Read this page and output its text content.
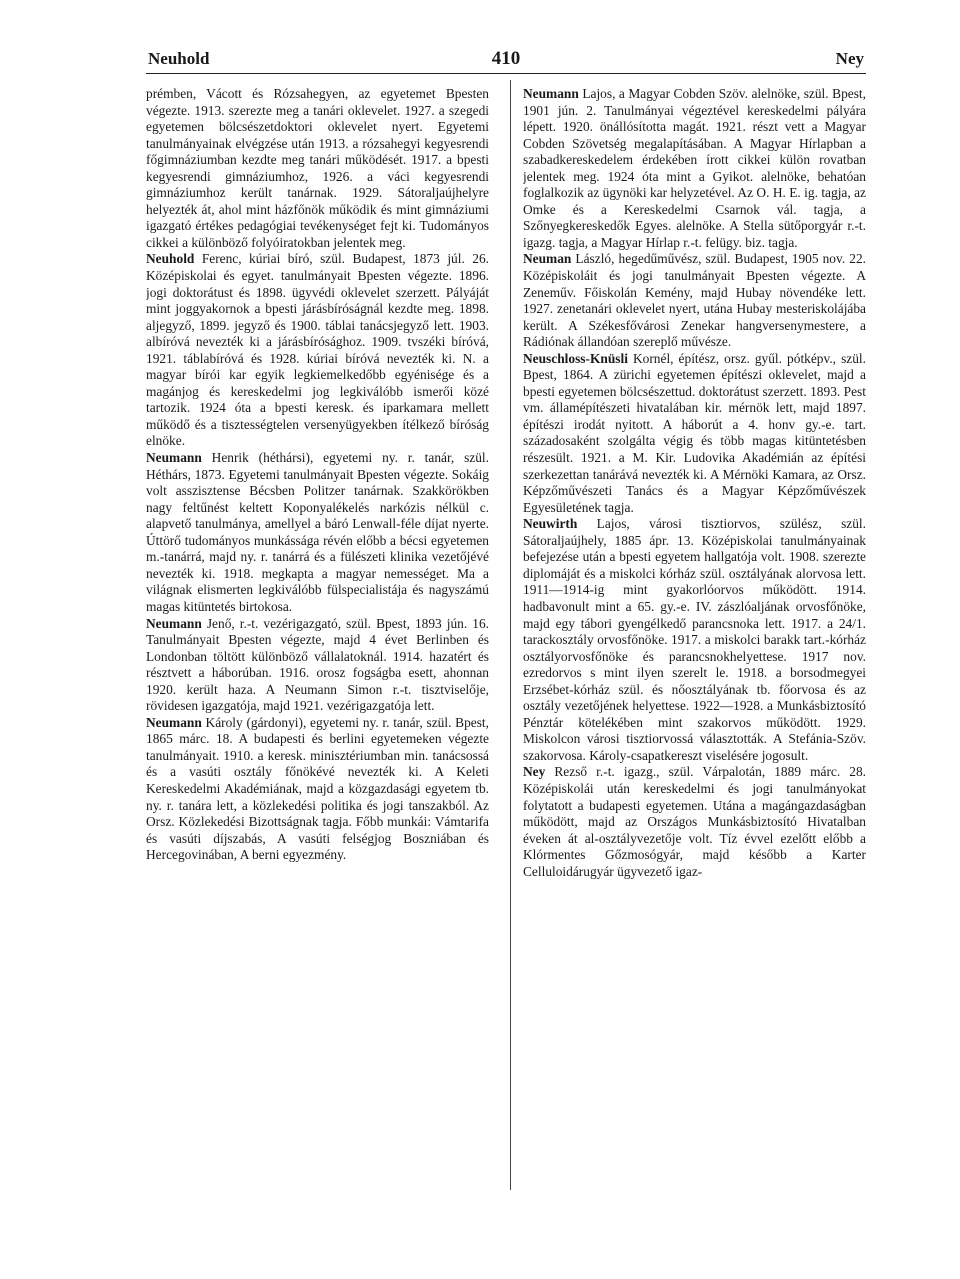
Neuhold	410	Ney

prémben, Vácott és Rózsahegyen, az egyetemet Bpesten végezte. 1913. szerezte meg a tanári oklevelet. 1927. a szegedi egyetemen bölcsészetdoktori oklevelet nyert. Egyetemi tanulmányainak elvégzése után 1913. a rózsahegyi kegyesrendi főgimnáziumban kezdte meg tanári működését. 1917. a bpesti kegyesrendi gimnáziumhoz, 1926. a váci kegyesrendi gimnáziumhoz került tanárnak. 1929. Sátoraljaújhelyre helyezték át, ahol mint házfőnök működik és mint gimnáziumi igazgató értékes pedagógiai tevékenységet fejt ki. Tudományos cikkei a különböző folyóiratokban jelentek meg.

Neuhold Ferenc, kúriai bíró, szül. Budapest, 1873 júl. 26. Középiskolai és egyet. tanulmányait Bpesten végezte. 1896. jogi doktorátust és 1898. ügyvédi oklevelet szerzett. Pályáját mint joggyakornok a bpesti járásbíróságnál kezdte meg. 1898. aljegyző, 1899. jegyző és 1900. táblai tanácsjegyző lett. 1903. albíróvá nevezték ki a járásbírósághoz. 1909. tvszéki bíróvá, 1921. táblabíróvá és 1928. kúriai bíróvá nevezték ki. N. a magyar bírói kar egyik legkiemelkedőbb egyénisége és a magánjog és kereskedelmi jog legkiválóbb ismerői közé tartozik. 1924 óta a bpesti keresk. és iparkamara mellett működő és a tisztességtelen versenyügyekben ítélkező bíróság elnöke.

Neumann Henrik (héthársi), egyetemi ny. r. tanár, szül. Héthárs, 1873. Egyetemi tanulmányait Bpesten végezte. Sokáig volt asszisztense Bécsben Politzer tanárnak. Szakkörökben nagy feltűnést keltett Koponyalékelés narkózis nélkül c. alapvető tanulmánya, amellyel a báró Lenwall-féle díjat nyerte. Úttörő tudományos munkássága révén előbb a bécsi egyetemen m.-tanárrá, majd ny. r. tanárrá és a fülészeti klinika vezetőjévé nevezték ki. 1918. megkapta a magyar nemességet. Ma a világnak elismerten legkiválóbb fülspecialistája és nagyszámú magas kitüntetés birtokosa.

Neumann Jenő, r.-t. vezérigazgató, szül. Bpest, 1893 jún. 16. Tanulmányait Bpesten végezte, majd 4 évet Berlinben és Londonban töltött különböző vállalatoknál. 1914. hazatért és résztvett a háborúban. 1916. orosz fogságba esett, ahonnan 1920. került haza. A Neumann Simon r.-t. tisztviselője, rövidesen igazgatója, majd 1921. vezérigazgatója lett.

Neumann Károly (gárdonyi), egyetemi ny. r. tanár, szül. Bpest, 1865 márc. 18. A budapesti és berlini egyetemeken végezte tanulmányait. 1910. a keresk. minisztériumban min. tanácsossá és a vasúti osztály főnökévé nevezték ki. A Keleti Kereskedelmi Akadémiának, majd a közgazdasági egyetem tb. ny. r. tanára lett, a közlekedési politika és jogi tanszakból. Az Orsz. Közlekedési Bizottságnak tagja. Főbb munkái: Vámtarifa és vasúti díjszabás, A vasúti felségjog Boszniában és Hercegovinában, A berni egyezmény.

Neumann Lajos, a Magyar Cobden Szöv. alelnöke, szül. Bpest, 1901 jún. 2. Tanulmányai végeztével kereskedelmi pályára lépett. 1920. önállósította magát. 1921. részt vett a Magyar Cobden Szövetség megalapításában. A Magyar Hírlapban a szabadkereskedelem érdekében írott cikkei külön rovatban jelentek meg. 1924 óta mint a Gyikot. alelnöke, behatóan foglalkozik az ügynöki kar helyzetével. Az O. H. E. ig. tagja, az Omke és a Kereskedelmi Csarnok vál. tagja, a Szőnyegkereskedők Egyes. alelnöke. A Stella sütőporgyár r.-t. igazg. tagja, a Magyar Hírlap r.-t. felügy. biz. tagja.

Neuman László, hegedűművész, szül. Budapest, 1905 nov. 22. Középiskoláit és jogi tanulmányait Bpesten végezte. A Zeneműv. Főiskolán Kemény, majd Hubay növendéke lett. 1927. zenetanári oklevelet nyert, utána Hubay mesteriskolájába került. A Székesfővárosi Zenekar hangversenymestere, a Rádiónak állandóan szereplő művésze.

Neuschloss-Knüsli Kornél, építész, orsz. gyűl. pótképv., szül. Bpest, 1864. A zürichi egyetemen építészi oklevelet, majd a bpesti egyetemen bölcsészettud. doktorátust szerzett. 1893. Pest vm. államépítészeti hivatalában kir. mérnök lett, majd 1897. építészi irodát nyitott. A háborút a 4. honv gy.-e. tart. századosaként szolgálta végig és több magas kitüntetésben részesült. 1921. a M. Kir. Ludovika Akadémián az építési szerkezettan tanárává nevezték ki. A Mérnöki Kamara, az Orsz. Képzőművészeti Tanács és a Magyar Képzőművészek Egyesületének tagja.

Neuwirth Lajos, városi tisztiorvos, szülész, szül. Sátoraljaújhely, 1885 ápr. 13. Középiskolai tanulmányainak befejezése után a bpesti egyetem hallgatója volt. 1908. szerezte diplomáját és a miskolci kórház szül. osztályának alorvosa lett. 1911—1914-ig mint gyakorlóorvos működött. 1914. hadbavonult mint a 65. gy.-e. IV. zászlóaljának orvosfőnöke, majd egy tábori gyengélkedő parancsnoka lett. 1917. a 24/1. tarackosztály orvosfőnöke. 1917. a miskolci barakk tart.-kórház osztályorvosfőnöke és parancsnokhelyettese. 1917 nov. ezredorvos s mint ilyen szerelt le. 1918. a borsodmegyei Erzsébet-kórház szül. és nőosztályának tb. főorvosa és az osztály vezetőjének helyettese. 1922—1928. a Munkásbiztosító Pénztár kötelékében mint szakorvos működött. 1929. Miskolcon városi tisztiorvossá választották. A Stefánia-Szöv. szakorvosa. Károly-csapatkereszt viselésére jogosult.

Ney Rezső r.-t. igazg., szül. Várpalotán, 1889 márc. 28. Középiskolái után kereskedelmi és jogi tanulmányokat folytatott a budapesti egyetemen. Utána a magángazdaságban működött, majd az Országos Munkásbiztosító Hivatalban éveken át al-osztályvezetője volt. Tíz évvel ezelőtt előbb a Klórmentes Gőzmosógyár, majd később a Karter Celluloidárugyár ügyvezető igaz-
